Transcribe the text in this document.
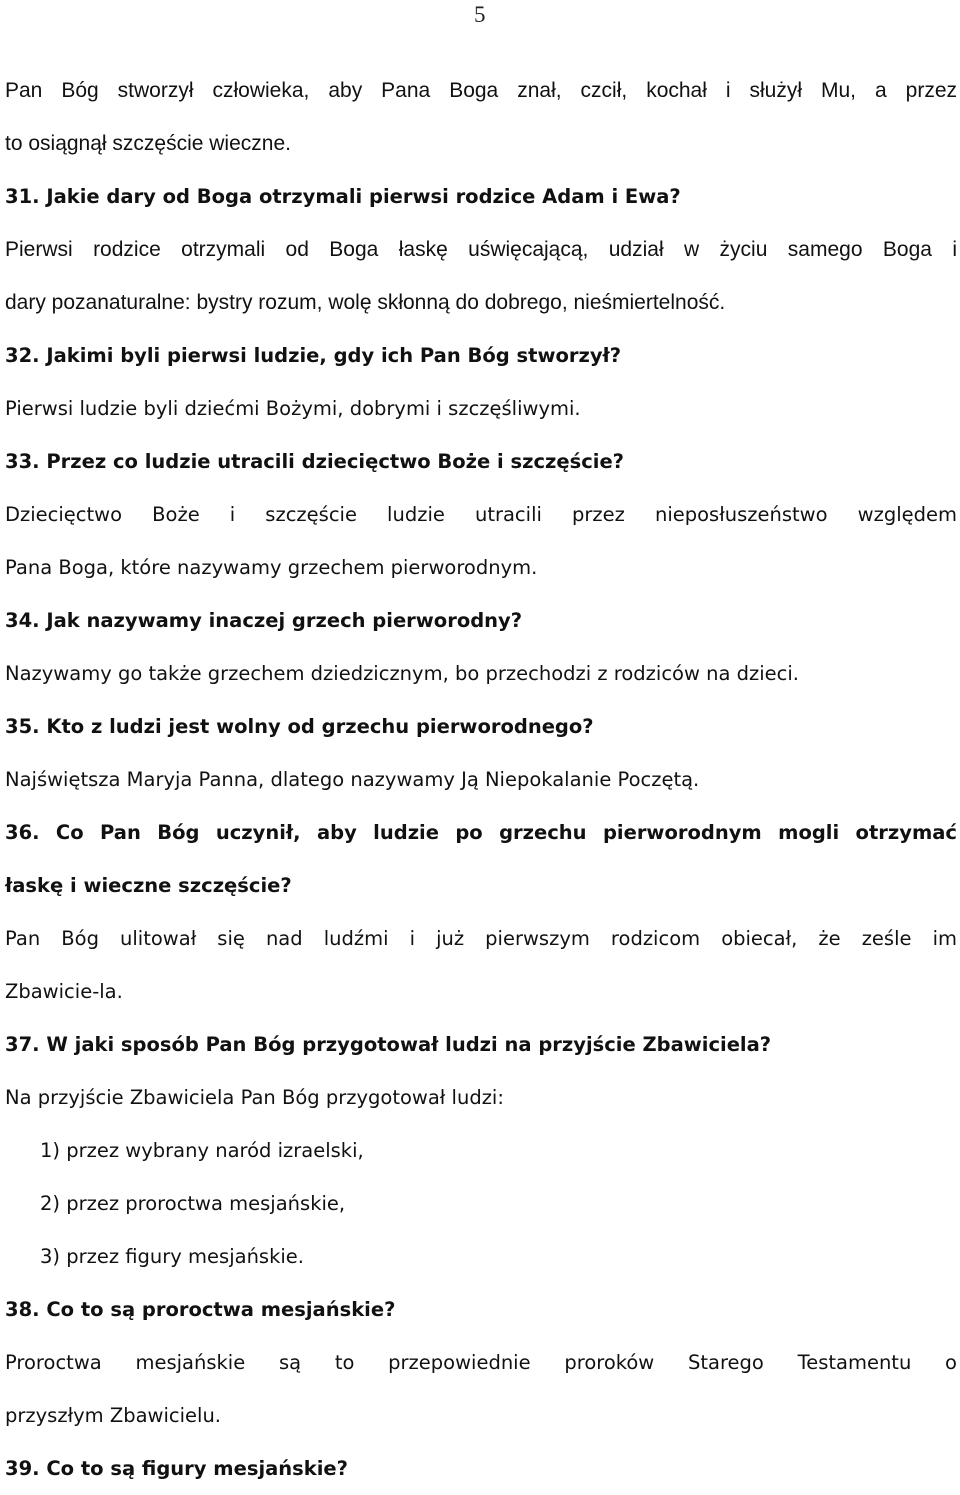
5
Pan Bóg stworzył człowieka, aby Pana Boga znał, czcił, kochał i służył Mu, a przez
to osiągnął szczęście wieczne.
31. Jakie dary od Boga otrzymali pierwsi rodzice Adam i Ewa?
Pierwsi rodzice otrzymali od Boga łaskę uświęcającą, udział w życiu samego Boga i
dary pozanaturalne: bystry rozum, wolę skłonną do dobrego, nieśmiertelność.
32. Jakimi byli pierwsi ludzie, gdy ich Pan Bóg stworzył?
Pierwsi ludzie byli dziećmi Bożymi, dobrymi i szczęśliwymi.
33. Przez co ludzie utracili dziecięctwo Boże i szczęście?
Dziecięctwo Boże i szczęście ludzie utracili przez nieposłuszeństwo względem
Pana Boga, które nazywamy grzechem pierworodnym.
34. Jak nazywamy inaczej grzech pierworodny?
Nazywamy go także grzechem dziedzicznym, bo przechodzi z rodziców na dzieci.
35. Kto z ludzi jest wolny od grzechu pierworodnego?
Najświętsza Maryja Panna, dlatego nazywamy Ją Niepokalanie Poczętą.
36. Co Pan Bóg uczynił, aby ludzie po grzechu pierworodnym mogli otrzymać
łaskę i wieczne szczęście?
Pan Bóg ulitował się nad ludźmi i już pierwszym rodzicom obiecał, że ześle im
Zbawicie-la.
37. W jaki sposób Pan Bóg przygotował ludzi na przyjście Zbawiciela?
Na przyjście Zbawiciela Pan Bóg przygotował ludzi:
1) przez wybrany naród izraelski,
2) przez proroctwa mesjańskie,
3) przez figury mesjańskie.
38. Co to są proroctwa mesjańskie?
Proroctwa mesjańskie są to przepowiednie proroków Starego Testamentu o
przyszłym Zbawicielu.
39. Co to są figury mesjańskie?
